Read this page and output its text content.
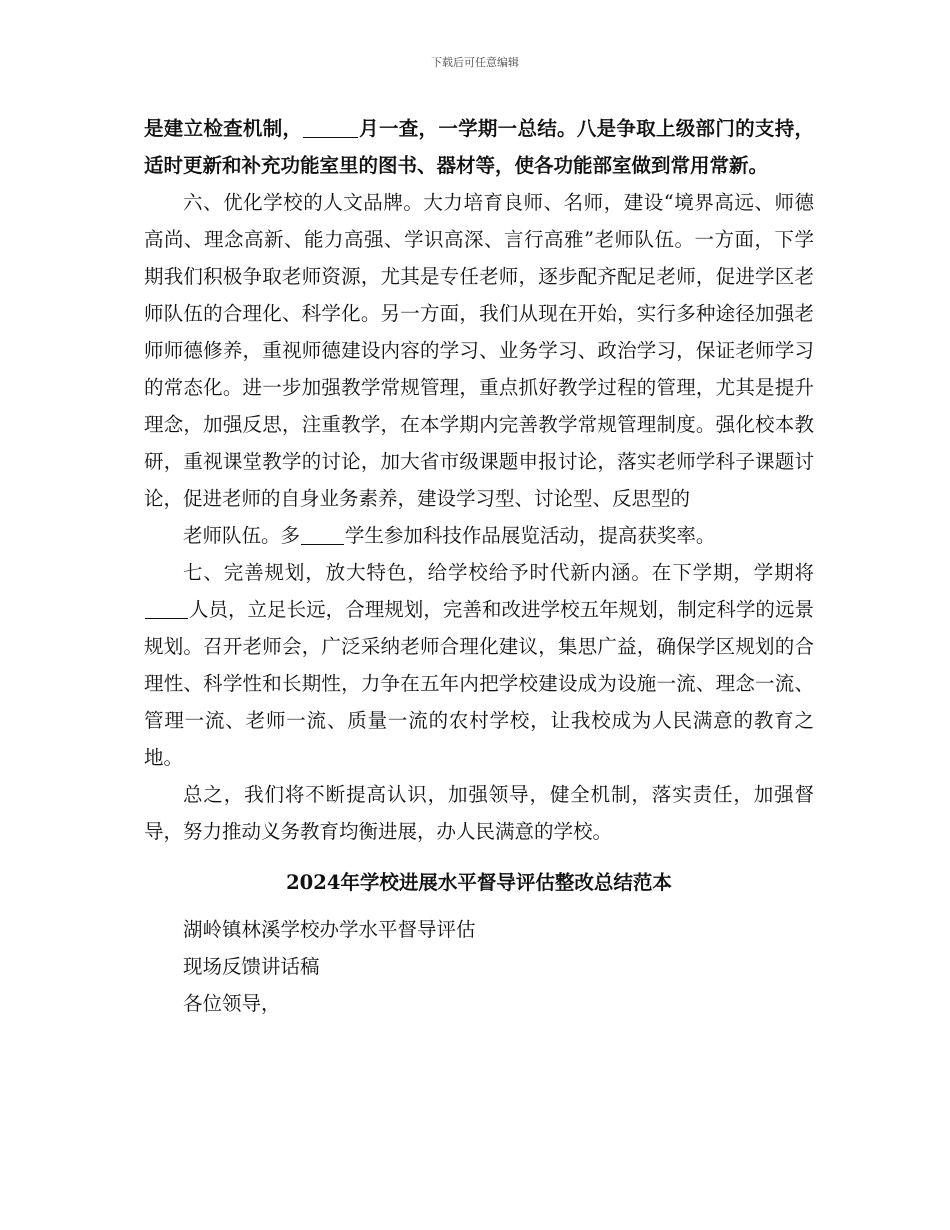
下载后可任意编辑

是建立检查机制，	月一查，一学期一总结。八是争取上级部门的支持，适时更新和补充功能室里的图书、器材等，使各功能部室做到常用常新。

六、优化学校的人文品牌。大力培育良师、名师，建设“境界高远、师德高尚、理念高新、能力高强、学识高深、言行高雅”老师队伍。一方面，下学期我们积极争取老师资源，尤其是专任老师，逐步配齐配足老师，促进学区老师队伍的合理化、科学化。另一方面，我们从现在开始，实行多种途径加强老师师德修养，重视师德建设内容的学习、业务学习、政治学习，保证老师学习的常态化。进一步加强教学常规管理，重点抓好教学过程的管理，尤其是提升理念，加强反思，注重教学，在本学期内完善教学常规管理制度。强化校本教研，重视课堂教学的讨论，加大省市级课题申报讨论，落实老师学科子课题讨论，促进老师的自身业务素养，建设学习型、讨论型、反思型的

老师队伍。多 学生参加科技作品展览活动，提高获奖率。

七、完善规划，放大特色，给学校给予时代新内涵。在下学期，学期将人员，立足长远，合理规划，完善和改进学校五年规划，制定科学的远景规划。召开老师会，广泛采纳老师合理化建议，集思广益，确保学区规划的合理性、科学性和长期性，力争在五年内把学校建设成为设施一流、理念一流、管理一流、老师一流、质量一流的农村学校，让我校成为人民满意的教育之地。

总之，我们将不断提高认识，加强领导，健全机制，落实责任，加强督导，努力推动义务教育均衡进展，办人民满意的学校。

2024年学校进展水平督导评估整改总结范本

湖岭镇林溪学校办学水平督导评估

现场反馈讲话稿

各位领导，
